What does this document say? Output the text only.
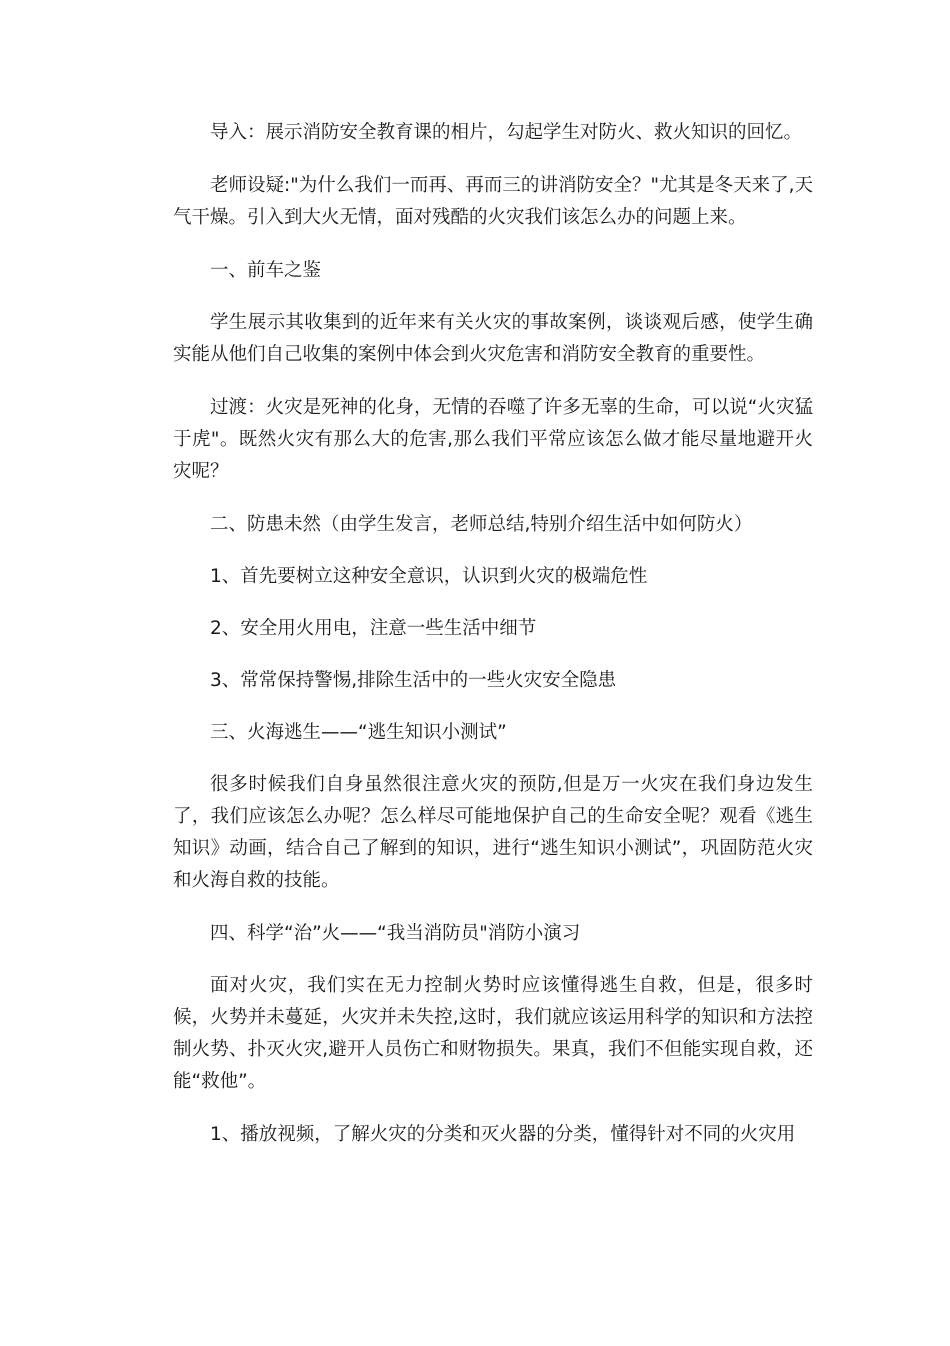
导入：展示消防安全教育课的相片，勾起学生对防火、救火知识的回忆。

老师设疑:"为什么我们一而再、再而三的讲消防安全？"尤其是冬天来了,天气干燥。引入到大火无情，面对残酷的火灾我们该怎么办的问题上来。

一、前车之鉴

学生展示其收集到的近年来有关火灾的事故案例，谈谈观后感，使学生确实能从他们自己收集的案例中体会到火灾危害和消防安全教育的重要性。

过渡：火灾是死神的化身，无情的吞噬了许多无辜的生命，可以说“火灾猛于虎"。既然火灾有那么大的危害,那么我们平常应该怎么做才能尽量地避开火灾呢？

二、防患未然（由学生发言，老师总结,特别介绍生活中如何防火）

1、首先要树立这种安全意识，认识到火灾的极端危性

2、安全用火用电，注意一些生活中细节

3、常常保持警惕,排除生活中的一些火灾安全隐患

三、火海逃生——“逃生知识小测试”

很多时候我们自身虽然很注意火灾的预防,但是万一火灾在我们身边发生了，我们应该怎么办呢？怎么样尽可能地保护自己的生命安全呢？观看《逃生知识》动画，结合自己了解到的知识，进行“逃生知识小测试”，巩固防范火灾和火海自救的技能。

四、科学“治”火——“我当消防员"消防小演习

面对火灾，我们实在无力控制火势时应该懂得逃生自救，但是，很多时候，火势并未蔓延，火灾并未失控,这时，我们就应该运用科学的知识和方法控制火势、扑灭火灾,避开人员伤亡和财物损失。果真，我们不但能实现自救，还能“救他”。

1、播放视频，了解火灾的分类和灭火器的分类，懂得针对不同的火灾用
